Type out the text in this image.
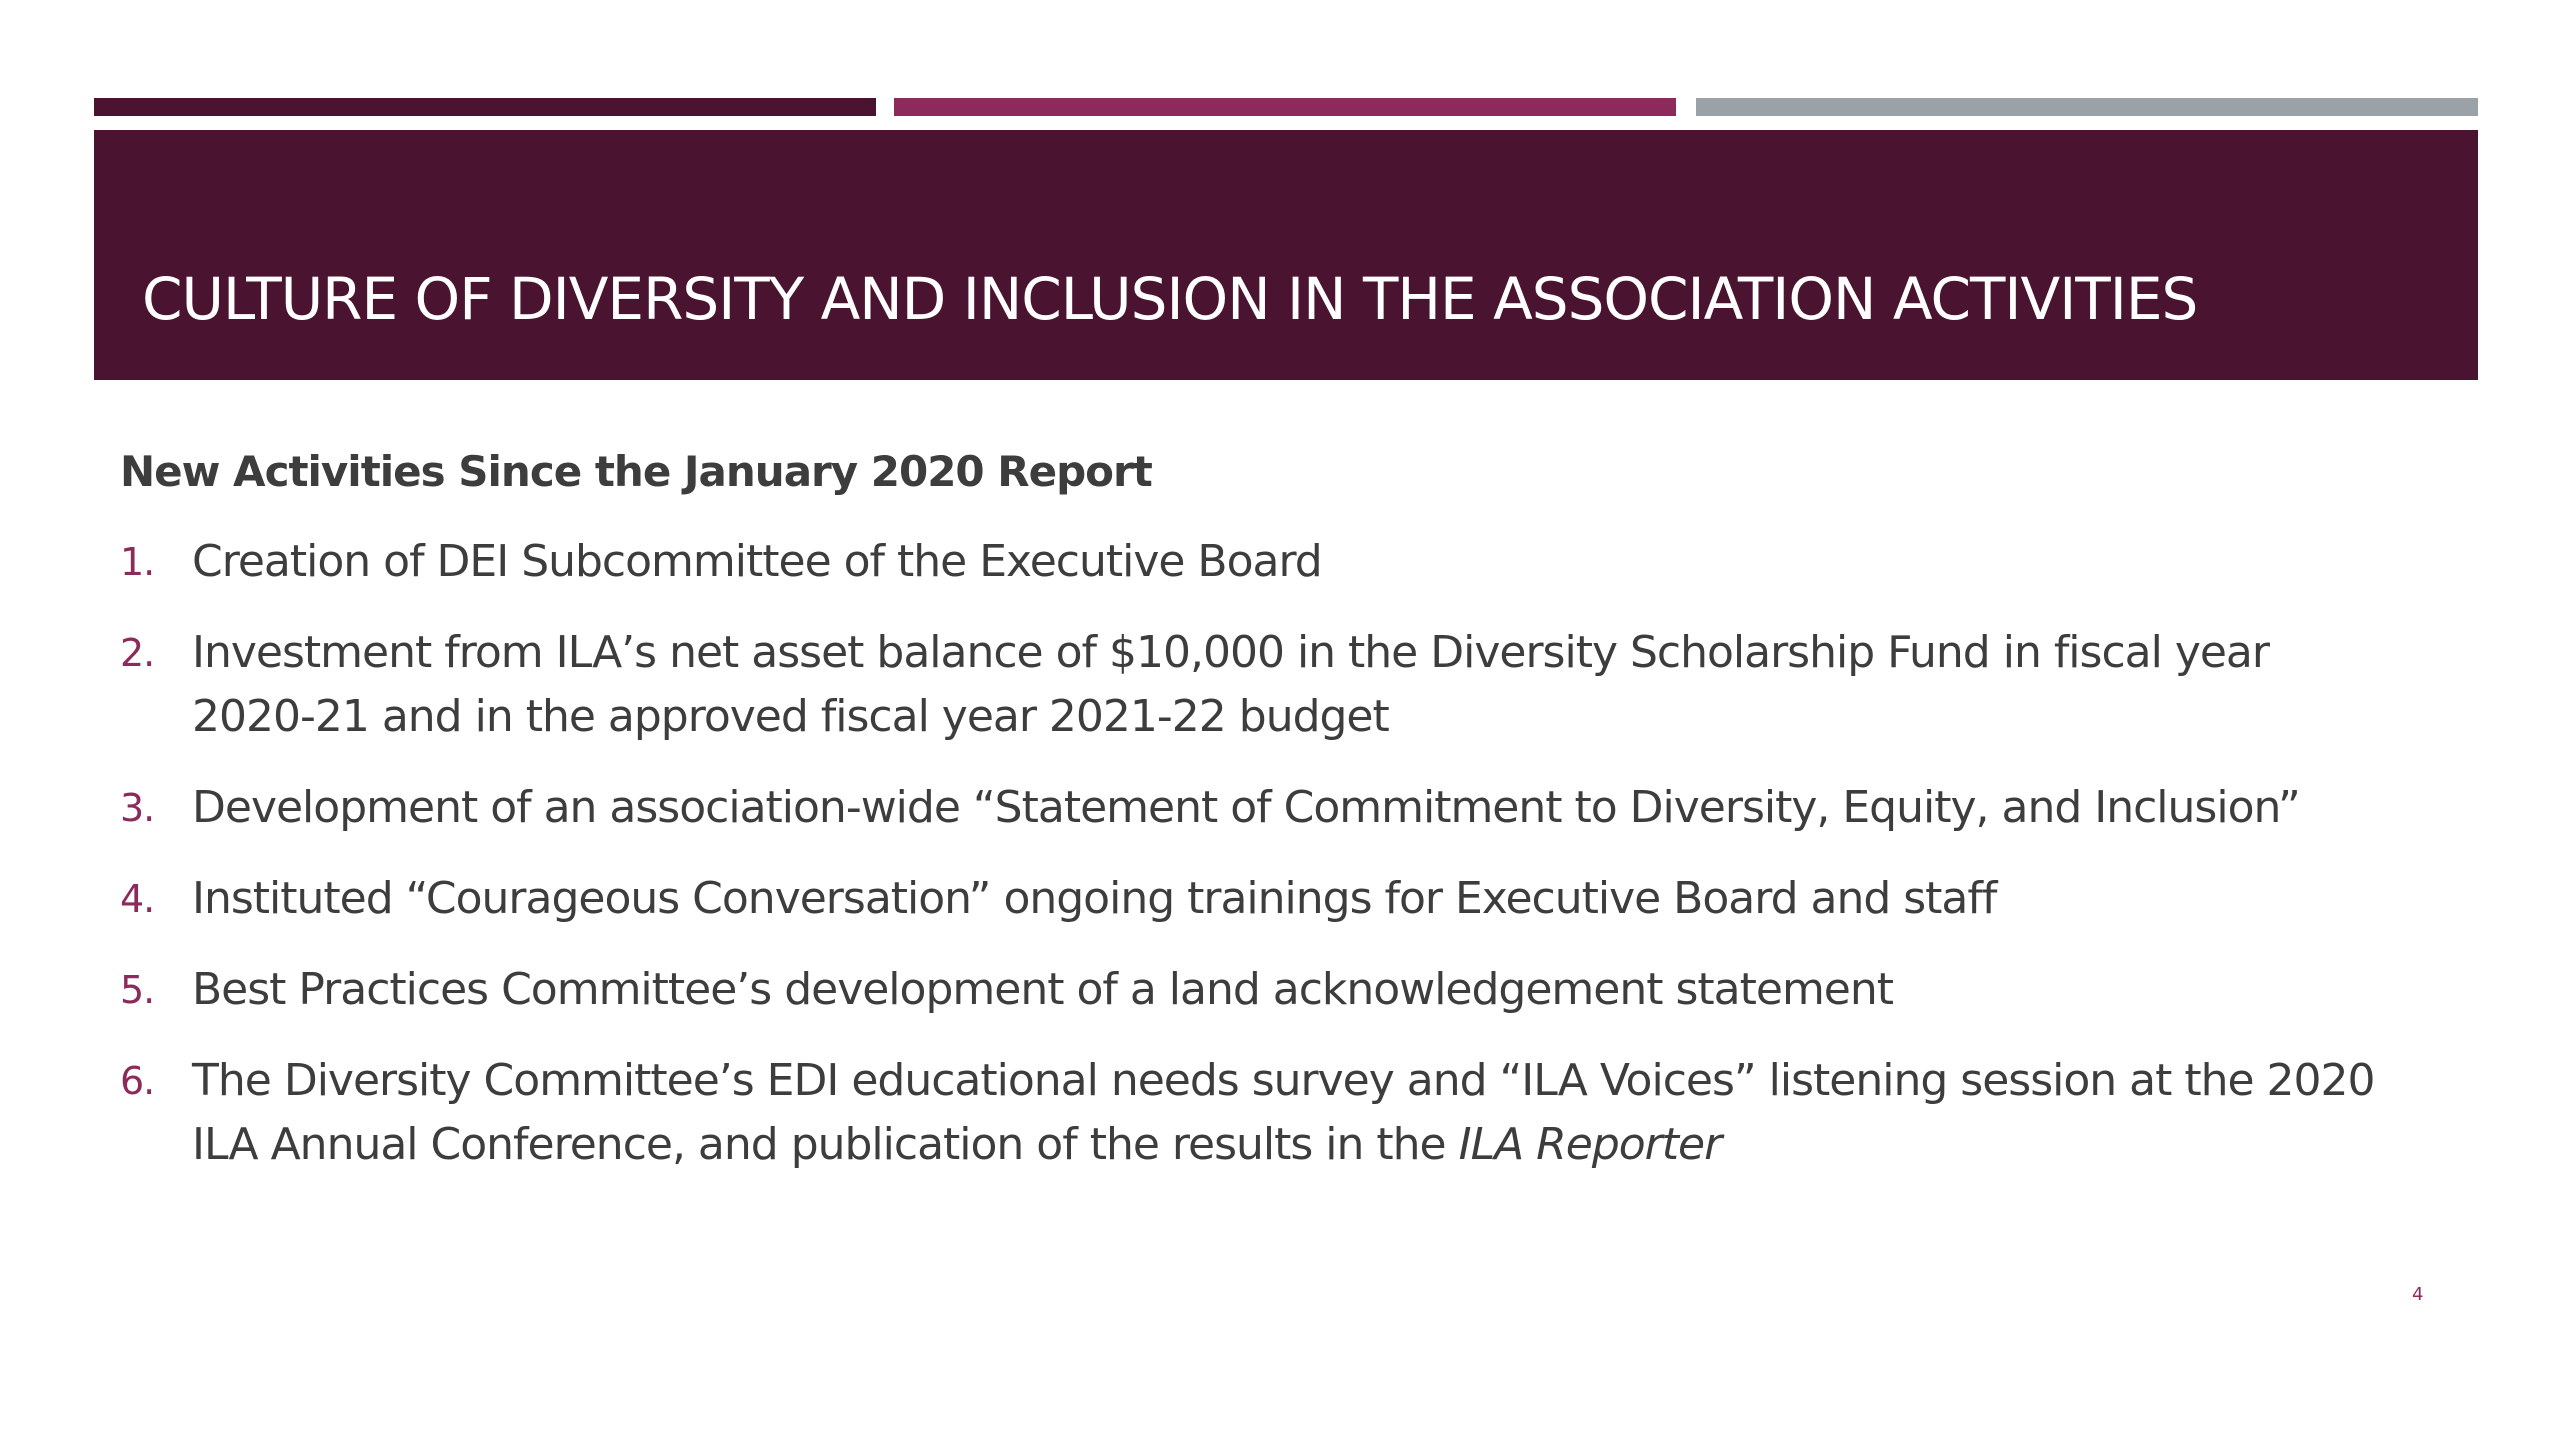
CULTURE OF DIVERSITY AND INCLUSION IN THE ASSOCIATION ACTIVITIES
New Activities Since the January 2020 Report
1. Creation of DEI Subcommittee of the Executive Board
2. Investment from ILA’s net asset balance of $10,000 in the Diversity Scholarship Fund in fiscal year 2020-21 and in the approved fiscal year 2021-22 budget
3. Development of an association-wide “Statement of Commitment to Diversity, Equity, and Inclusion”
4. Instituted “Courageous Conversation” ongoing trainings for Executive Board and staff
5. Best Practices Committee’s development of a land acknowledgement statement
6. The Diversity Committee’s EDI educational needs survey and “ILA Voices” listening session at the 2020 ILA Annual Conference, and publication of the results in the ILA Reporter
4
